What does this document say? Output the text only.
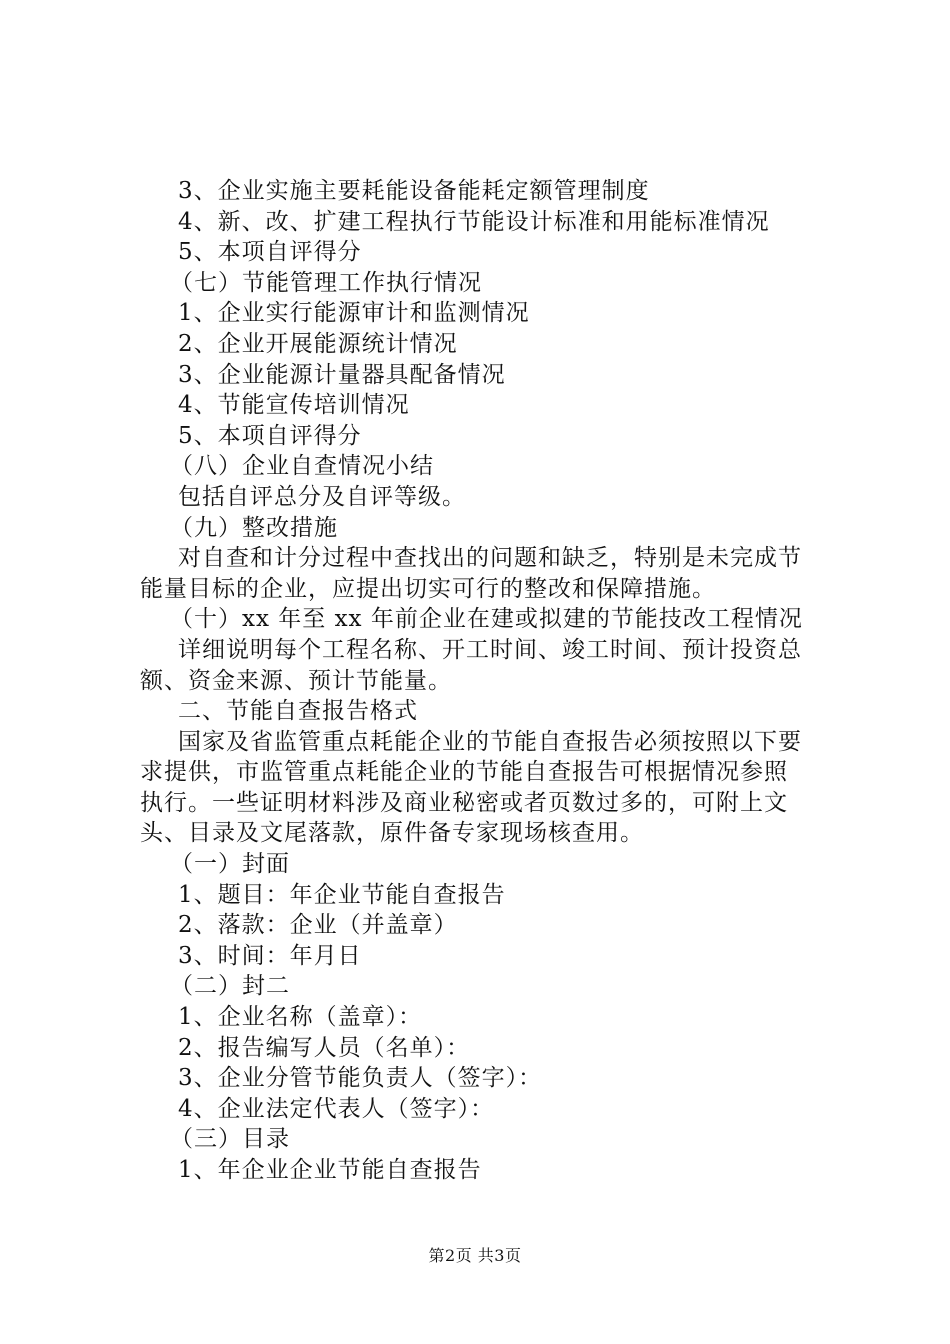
3、企业实施主要耗能设备能耗定额管理制度
4、新、改、扩建工程执行节能设计标准和用能标准情况
5、本项自评得分
（七）节能管理工作执行情况
1、企业实行能源审计和监测情况
2、企业开展能源统计情况
3、企业能源计量器具配备情况
4、节能宣传培训情况
5、本项自评得分
（八）企业自查情况小结
包括自评总分及自评等级。
（九）整改措施
对自查和计分过程中查找出的问题和缺乏，特别是未完成节
能量目标的企业，应提出切实可行的整改和保障措施。
（十）xx 年至 xx 年前企业在建或拟建的节能技改工程情况
详细说明每个工程名称、开工时间、竣工时间、预计投资总
额、资金来源、预计节能量。
二、节能自查报告格式
国家及省监管重点耗能企业的节能自查报告必须按照以下要
求提供，市监管重点耗能企业的节能自查报告可根据情况参照
执行。一些证明材料涉及商业秘密或者页数过多的，可附上文
头、目录及文尾落款，原件备专家现场核查用。
（一）封面
1、题目：年企业节能自查报告
2、落款：企业（并盖章）
3、时间：年月日
（二）封二
1、企业名称（盖章）：
2、报告编写人员（名单）：
3、企业分管节能负责人（签字）：
4、企业法定代表人（签字）：
（三）目录
1、年企业企业节能自查报告
第2页 共3页
